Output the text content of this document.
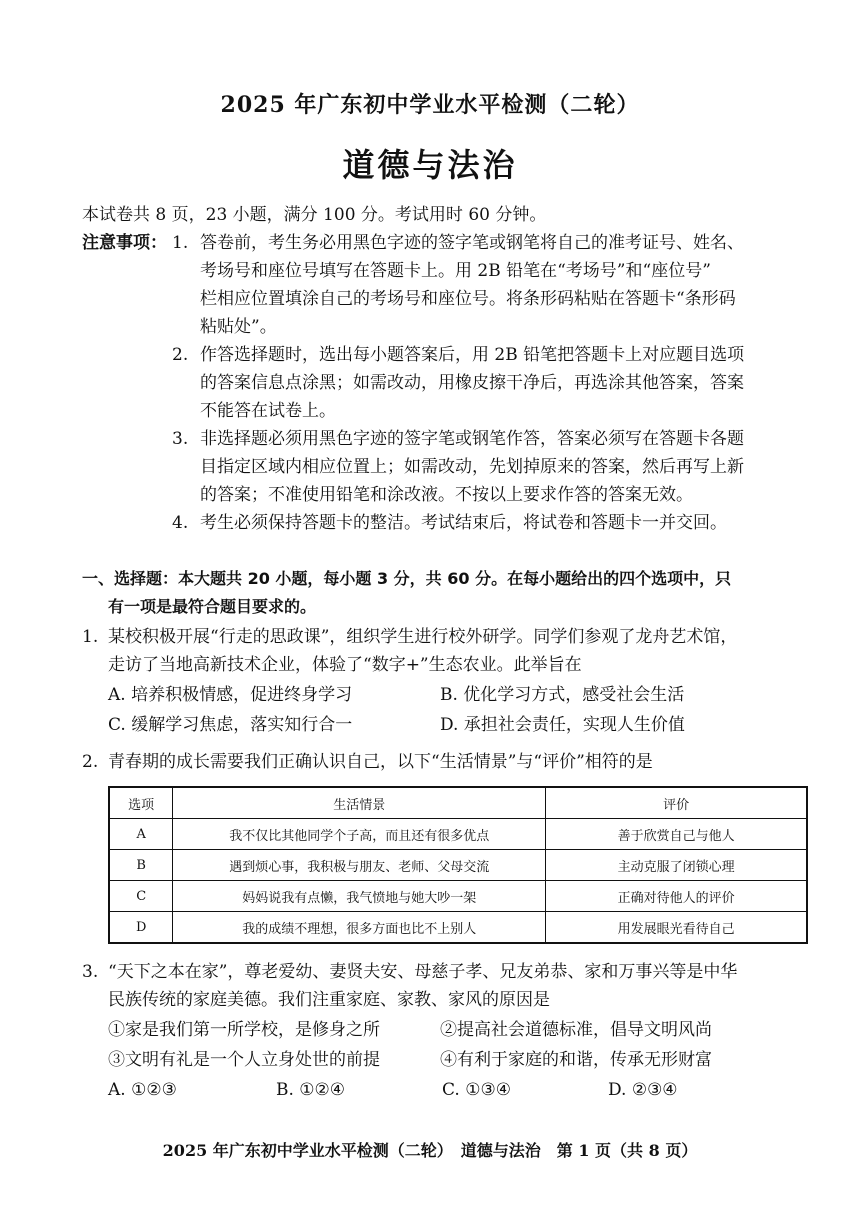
2025 年广东初中学业水平检测（二轮）
道德与法治
本试卷共 8 页，23 小题，满分 100 分。考试用时 60 分钟。
注意事项： 1. 答卷前，考生务必用黑色字迹的签字笔或钢笔将自己的准考证号、姓名、
考场号和座位号填写在答题卡上。用 2B 铅笔在“考场号”和“座位号”
栏相应位置填涂自己的考场号和座位号。将条形码粘贴在答题卡“条形码
粘贴处”。
2. 作答选择题时，选出每小题答案后，用 2B 铅笔把答题卡上对应题目选项
的答案信息点涂黑；如需改动，用橡皮擦干净后，再选涂其他答案，答案
不能答在试卷上。
3. 非选择题必须用黑色字迹的签字笔或钢笔作答，答案必须写在答题卡各题
目指定区域内相应位置上；如需改动，先划掉原来的答案，然后再写上新
的答案；不准使用铅笔和涂改液。不按以上要求作答的答案无效。
4. 考生必须保持答题卡的整洁。考试结束后，将试卷和答题卡一并交回。
一、选择题：本大题共 20 小题，每小题 3 分，共 60 分。在每小题给出的四个选项中，只
有一项是最符合题目要求的。
1. 某校积极开展“行走的思政课”，组织学生进行校外研学。同学们参观了龙舟艺术馆，
走访了当地高新技术企业，体验了“数字+”生态农业。此举旨在
A. 培养积极情感，促进终身学习	B. 优化学习方式，感受社会生活
C. 缓解学习焦虑，落实知行合一	D. 承担社会责任，实现人生价值
2. 青春期的成长需要我们正确认识自己，以下“生活情景”与“评价”相符的是
选项	生活情景	评价
A	我不仅比其他同学个子高，而且还有很多优点	善于欣赏自己与他人
B	遇到烦心事，我积极与朋友、老师、父母交流	主动克服了闭锁心理
C	妈妈说我有点懒，我气愤地与她大吵一架	正确对待他人的评价
D	我的成绩不理想，很多方面也比不上别人	用发展眼光看待自己
3. “天下之本在家”，尊老爱幼、妻贤夫安、母慈子孝、兄友弟恭、家和万事兴等是中华
民族传统的家庭美德。我们注重家庭、家教、家风的原因是
①家是我们第一所学校，是修身之所	②提高社会道德标准，倡导文明风尚
③文明有礼是一个人立身处世的前提	④有利于家庭的和谐，传承无形财富
A. ①②③	B. ①②④	C. ①③④	D. ②③④
2025 年广东初中学业水平检测（二轮）　道德与法治　第 1 页（共 8 页）
